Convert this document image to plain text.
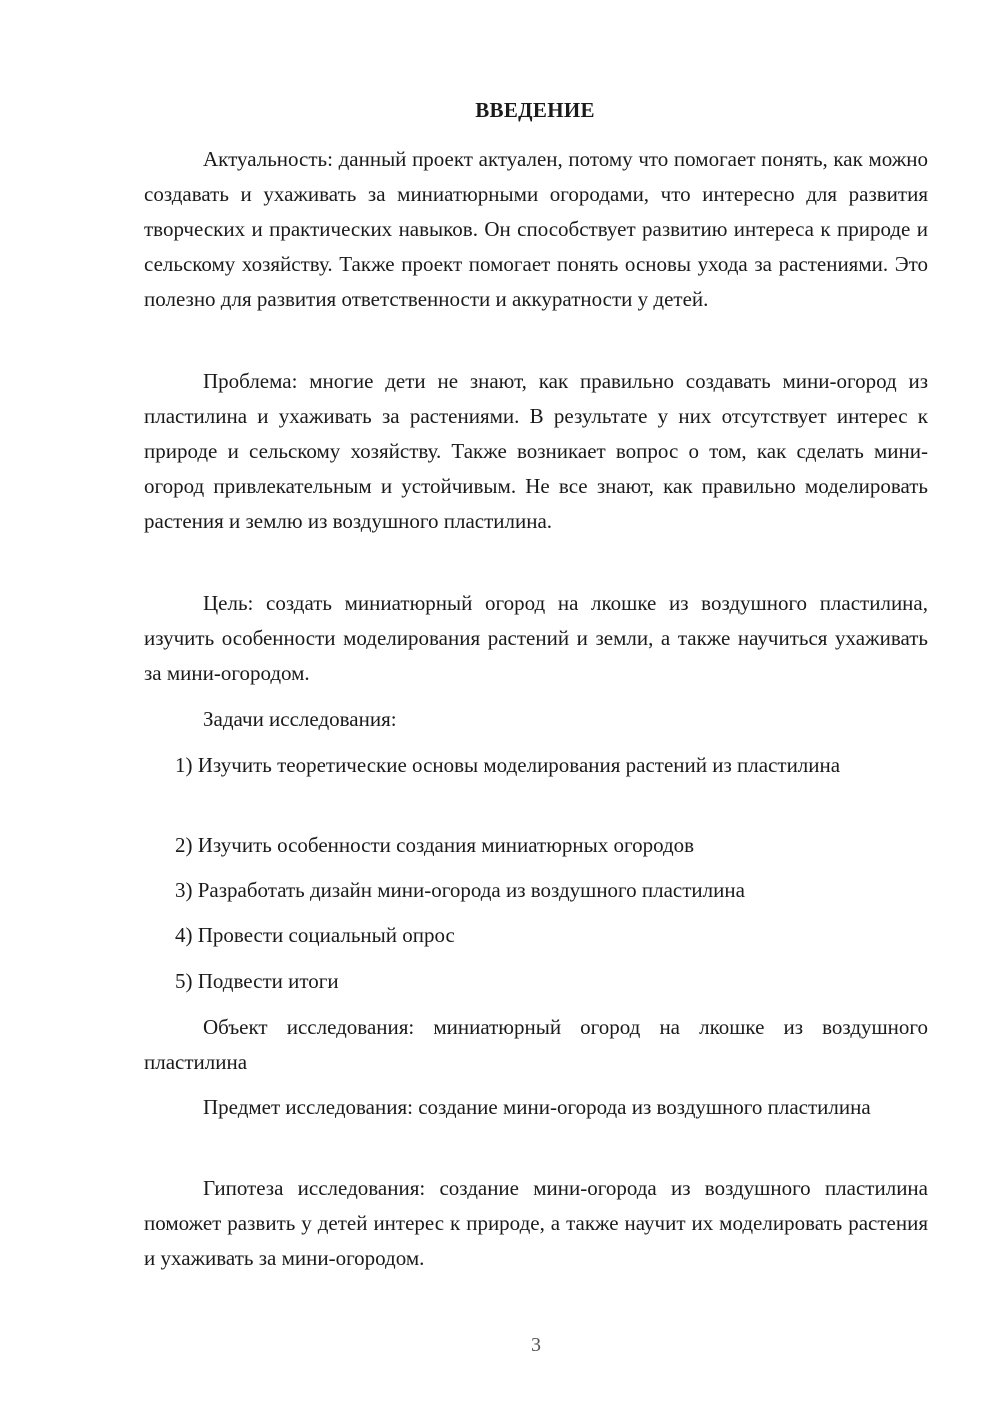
ВВЕДЕНИЕ

Актуальность: данный проект актуален, потому что помогает понять, как можно создавать и ухаживать за миниатюрными огородами, что интересно для развития творческих и практических навыков. Он способствует развитию интереса к природе и сельскому хозяйству. Также проект помогает понять основы ухода за растениями. Это полезно для развития ответственности и аккуратности у детей.

Проблема: многие дети не знают, как правильно создавать мини-огород из пластилина и ухаживать за растениями. В результате у них отсутствует интерес к природе и сельскому хозяйству. Также возникает вопрос о том, как сделать мини-огород привлекательным и устойчивым. Не все знают, как правильно моделировать растения и землю из воздушного пластилина.

Цель: создать миниатюрный огород на лкошке из воздушного пластилина, изучить особенности моделирования растений и земли, а также научиться ухаживать за мини-огородом.

Задачи исследования:

1) Изучить теоретические основы моделирования растений из пластилина

2) Изучить особенности создания миниатюрных огородов

3) Разработать дизайн мини-огорода из воздушного пластилина

4) Провести социальный опрос

5) Подвести итоги

Объект исследования: миниатюрный огород на лкошке из воздушного пластилина

Предмет исследования: создание мини-огорода из воздушного пластилина

Гипотеза исследования: создание мини-огорода из воздушного пластилина поможет развить у детей интерес к природе, а также научит их моделировать растения и ухаживать за мини-огородом.

3
